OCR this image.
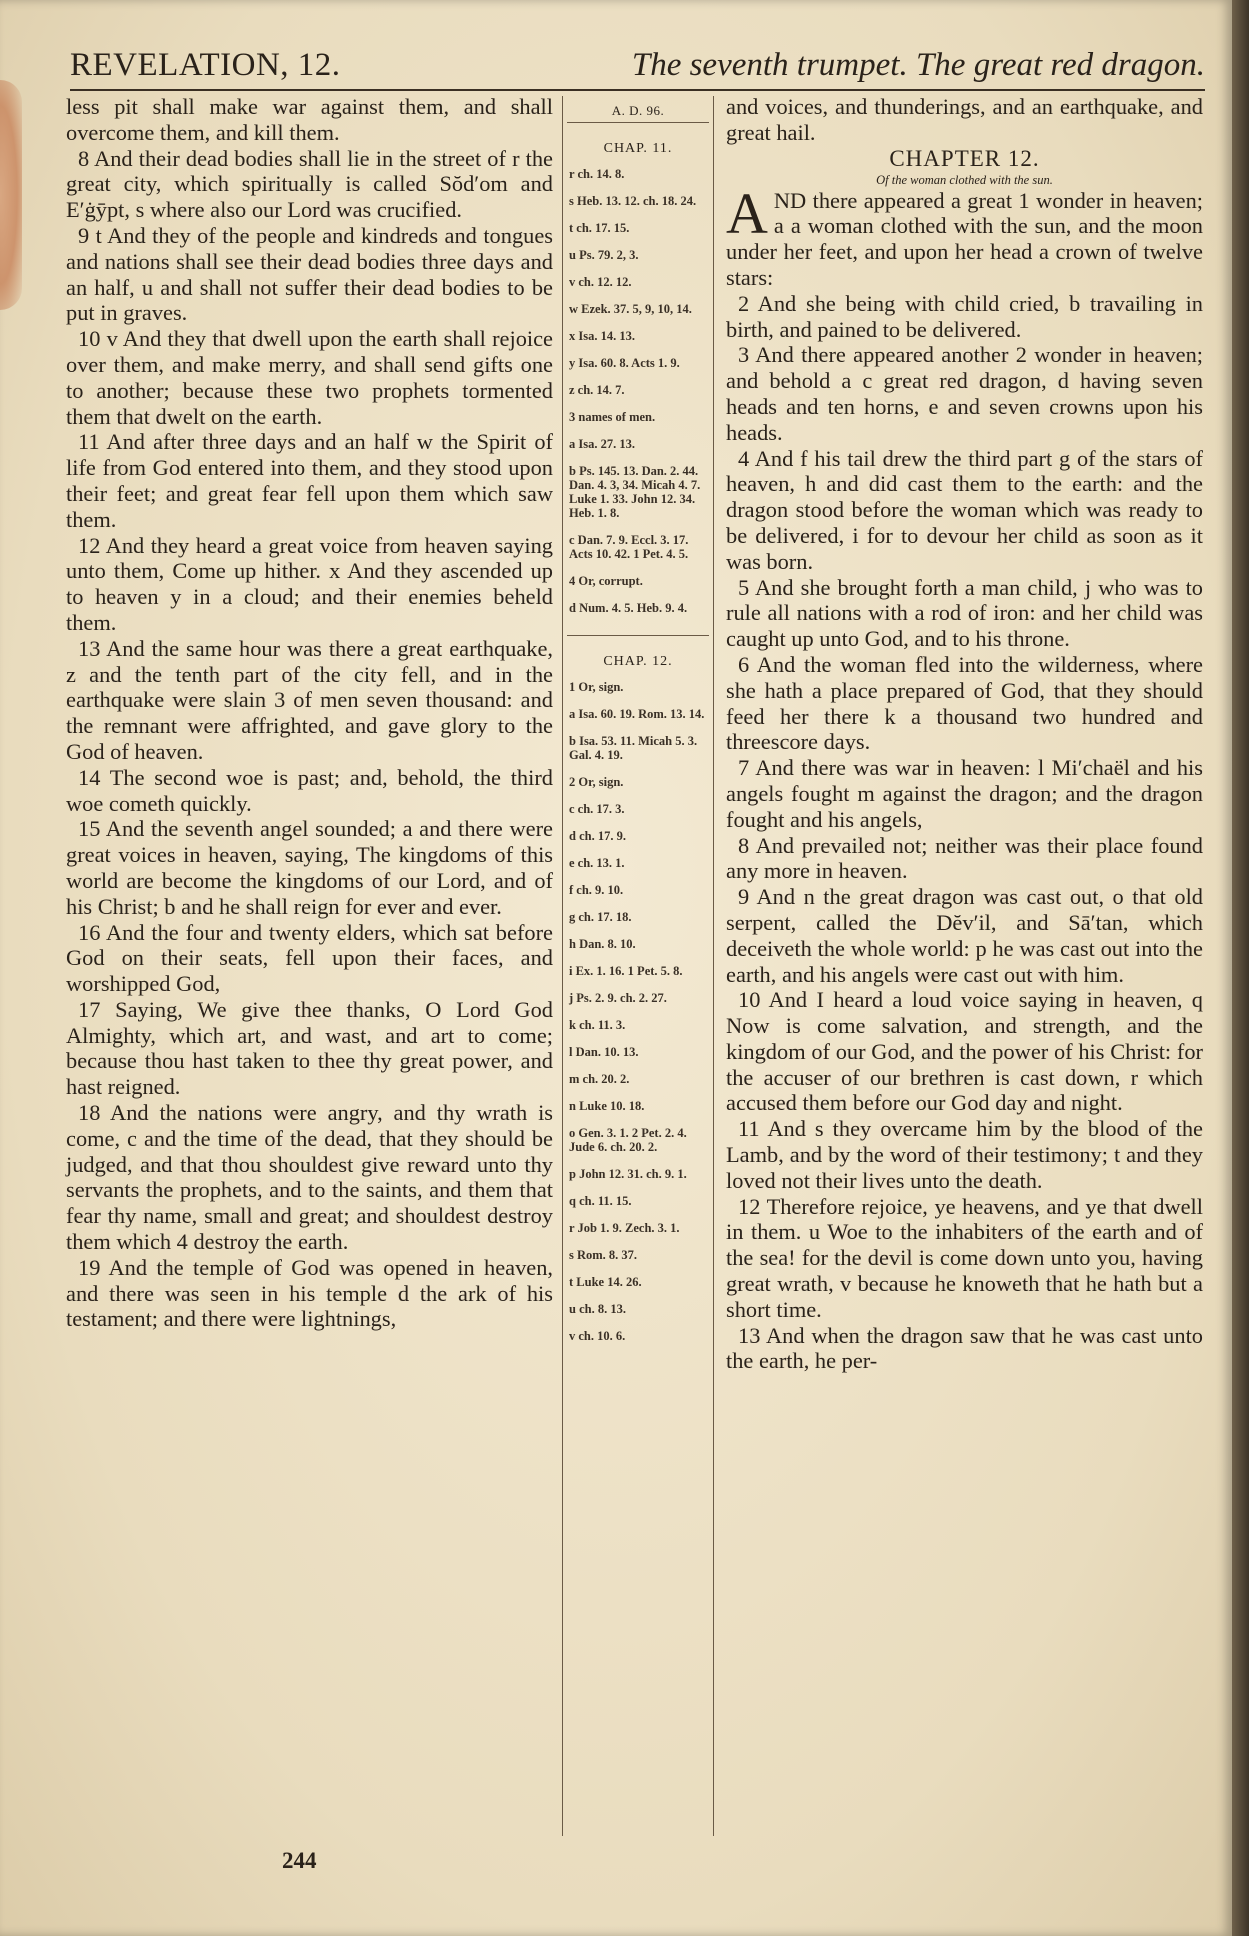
REVELATION, 12.	The seventh trumpet. The great red dragon.

less pit shall make war against them, and shall overcome them, and kill them.

8 And their dead bodies shall lie in the street of r the great city, which spiritually is called Sŏd′om and E′ġȳpt, s where also our Lord was crucified.

9 t And they of the people and kindreds and tongues and nations shall see their dead bodies three days and an half, u and shall not suffer their dead bodies to be put in graves.

10 v And they that dwell upon the earth shall rejoice over them, and make merry, and shall send gifts one to another; because these two prophets tormented them that dwelt on the earth.

11 And after three days and an half w the Spirit of life from God entered into them, and they stood upon their feet; and great fear fell upon them which saw them.

12 And they heard a great voice from heaven saying unto them, Come up hither. x And they ascended up to heaven y in a cloud; and their enemies beheld them.

13 And the same hour was there a great earthquake, z and the tenth part of the city fell, and in the earthquake were slain 3 of men seven thousand: and the remnant were affrighted, and gave glory to the God of heaven.

14 The second woe is past; and, behold, the third woe cometh quickly.

15 And the seventh angel sounded; a and there were great voices in heaven, saying, The kingdoms of this world are become the kingdoms of our Lord, and of his Christ; b and he shall reign for ever and ever.

16 And the four and twenty elders, which sat before God on their seats, fell upon their faces, and worshipped God,

17 Saying, We give thee thanks, O Lord God Almighty, which art, and wast, and art to come; because thou hast taken to thee thy great power, and hast reigned.

18 And the nations were angry, and thy wrath is come, c and the time of the dead, that they should be judged, and that thou shouldest give reward unto thy servants the prophets, and to the saints, and them that fear thy name, small and great; and shouldest destroy them which 4 destroy the earth.

19 And the temple of God was opened in heaven, and there was seen in his temple d the ark of his testament; and there were lightnings,

A. D. 96.
CHAP. 11.
r ch. 14. 8.
s Heb. 13. 12. ch. 18. 24.
t ch. 17. 15.
u Ps. 79. 2, 3.
v ch. 12. 12.
w Ezek. 37. 5, 9, 10, 14.
x Isa. 14. 13.
y Isa. 60. 8. Acts 1. 9.
z ch. 14. 7.
3 names of men.
a Isa. 27. 13.
b Ps. 145. 13. Dan. 2. 44. Dan. 4. 3, 34. Micah 4. 7. Luke 1. 33. John 12. 34. Heb. 1. 8.
c Dan. 7. 9. Eccl. 3. 17. Acts 10. 42. 1 Pet. 4. 5.
4 Or, corrupt.
d Num. 4. 5. Heb. 9. 4.
CHAP. 12.
1 Or, sign.
a Isa. 60. 19. Rom. 13. 14.
b Isa. 53. 11. Micah 5. 3. Gal. 4. 19.
2 Or, sign.
c ch. 17. 3.
d ch. 17. 9.
e ch. 13. 1.
f ch. 9. 10.
g ch. 17. 18.
h Dan. 8. 10.
i Ex. 1. 16. 1 Pet. 5. 8.
j Ps. 2. 9. ch. 2. 27.
k ch. 11. 3.
l Dan. 10. 13.
m ch. 20. 2.
n Luke 10. 18.
o Gen. 3. 1. 2 Pet. 2. 4. Jude 6. ch. 20. 2.
p John 12. 31. ch. 9. 1.
q ch. 11. 15.
r Job 1. 9. Zech. 3. 1.
s Rom. 8. 37.
t Luke 14. 26.
u ch. 8. 13.
v ch. 10. 6.

and voices, and thunderings, and an earthquake, and great hail.

CHAPTER 12.

Of the woman clothed with the sun.

AND there appeared a great 1 wonder in heaven; a a woman clothed with the sun, and the moon under her feet, and upon her head a crown of twelve stars:

2 And she being with child cried, b travailing in birth, and pained to be delivered.

3 And there appeared another 2 wonder in heaven; and behold a c great red dragon, d having seven heads and ten horns, e and seven crowns upon his heads.

4 And f his tail drew the third part g of the stars of heaven, h and did cast them to the earth: and the dragon stood before the woman which was ready to be delivered, i for to devour her child as soon as it was born.

5 And she brought forth a man child, j who was to rule all nations with a rod of iron: and her child was caught up unto God, and to his throne.

6 And the woman fled into the wilderness, where she hath a place prepared of God, that they should feed her there k a thousand two hundred and threescore days.

7 And there was war in heaven: l Mi′chaël and his angels fought m against the dragon; and the dragon fought and his angels,

8 And prevailed not; neither was their place found any more in heaven.

9 And n the great dragon was cast out, o that old serpent, called the Dĕv′il, and Sā′tan, which deceiveth the whole world: p he was cast out into the earth, and his angels were cast out with him.

10 And I heard a loud voice saying in heaven, q Now is come salvation, and strength, and the kingdom of our God, and the power of his Christ: for the accuser of our brethren is cast down, r which accused them before our God day and night.

11 And s they overcame him by the blood of the Lamb, and by the word of their testimony; t and they loved not their lives unto the death.

12 Therefore rejoice, ye heavens, and ye that dwell in them. u Woe to the inhabiters of the earth and of the sea! for the devil is come down unto you, having great wrath, v because he knoweth that he hath but a short time.

13 And when the dragon saw that he was cast unto the earth, he per-

244
